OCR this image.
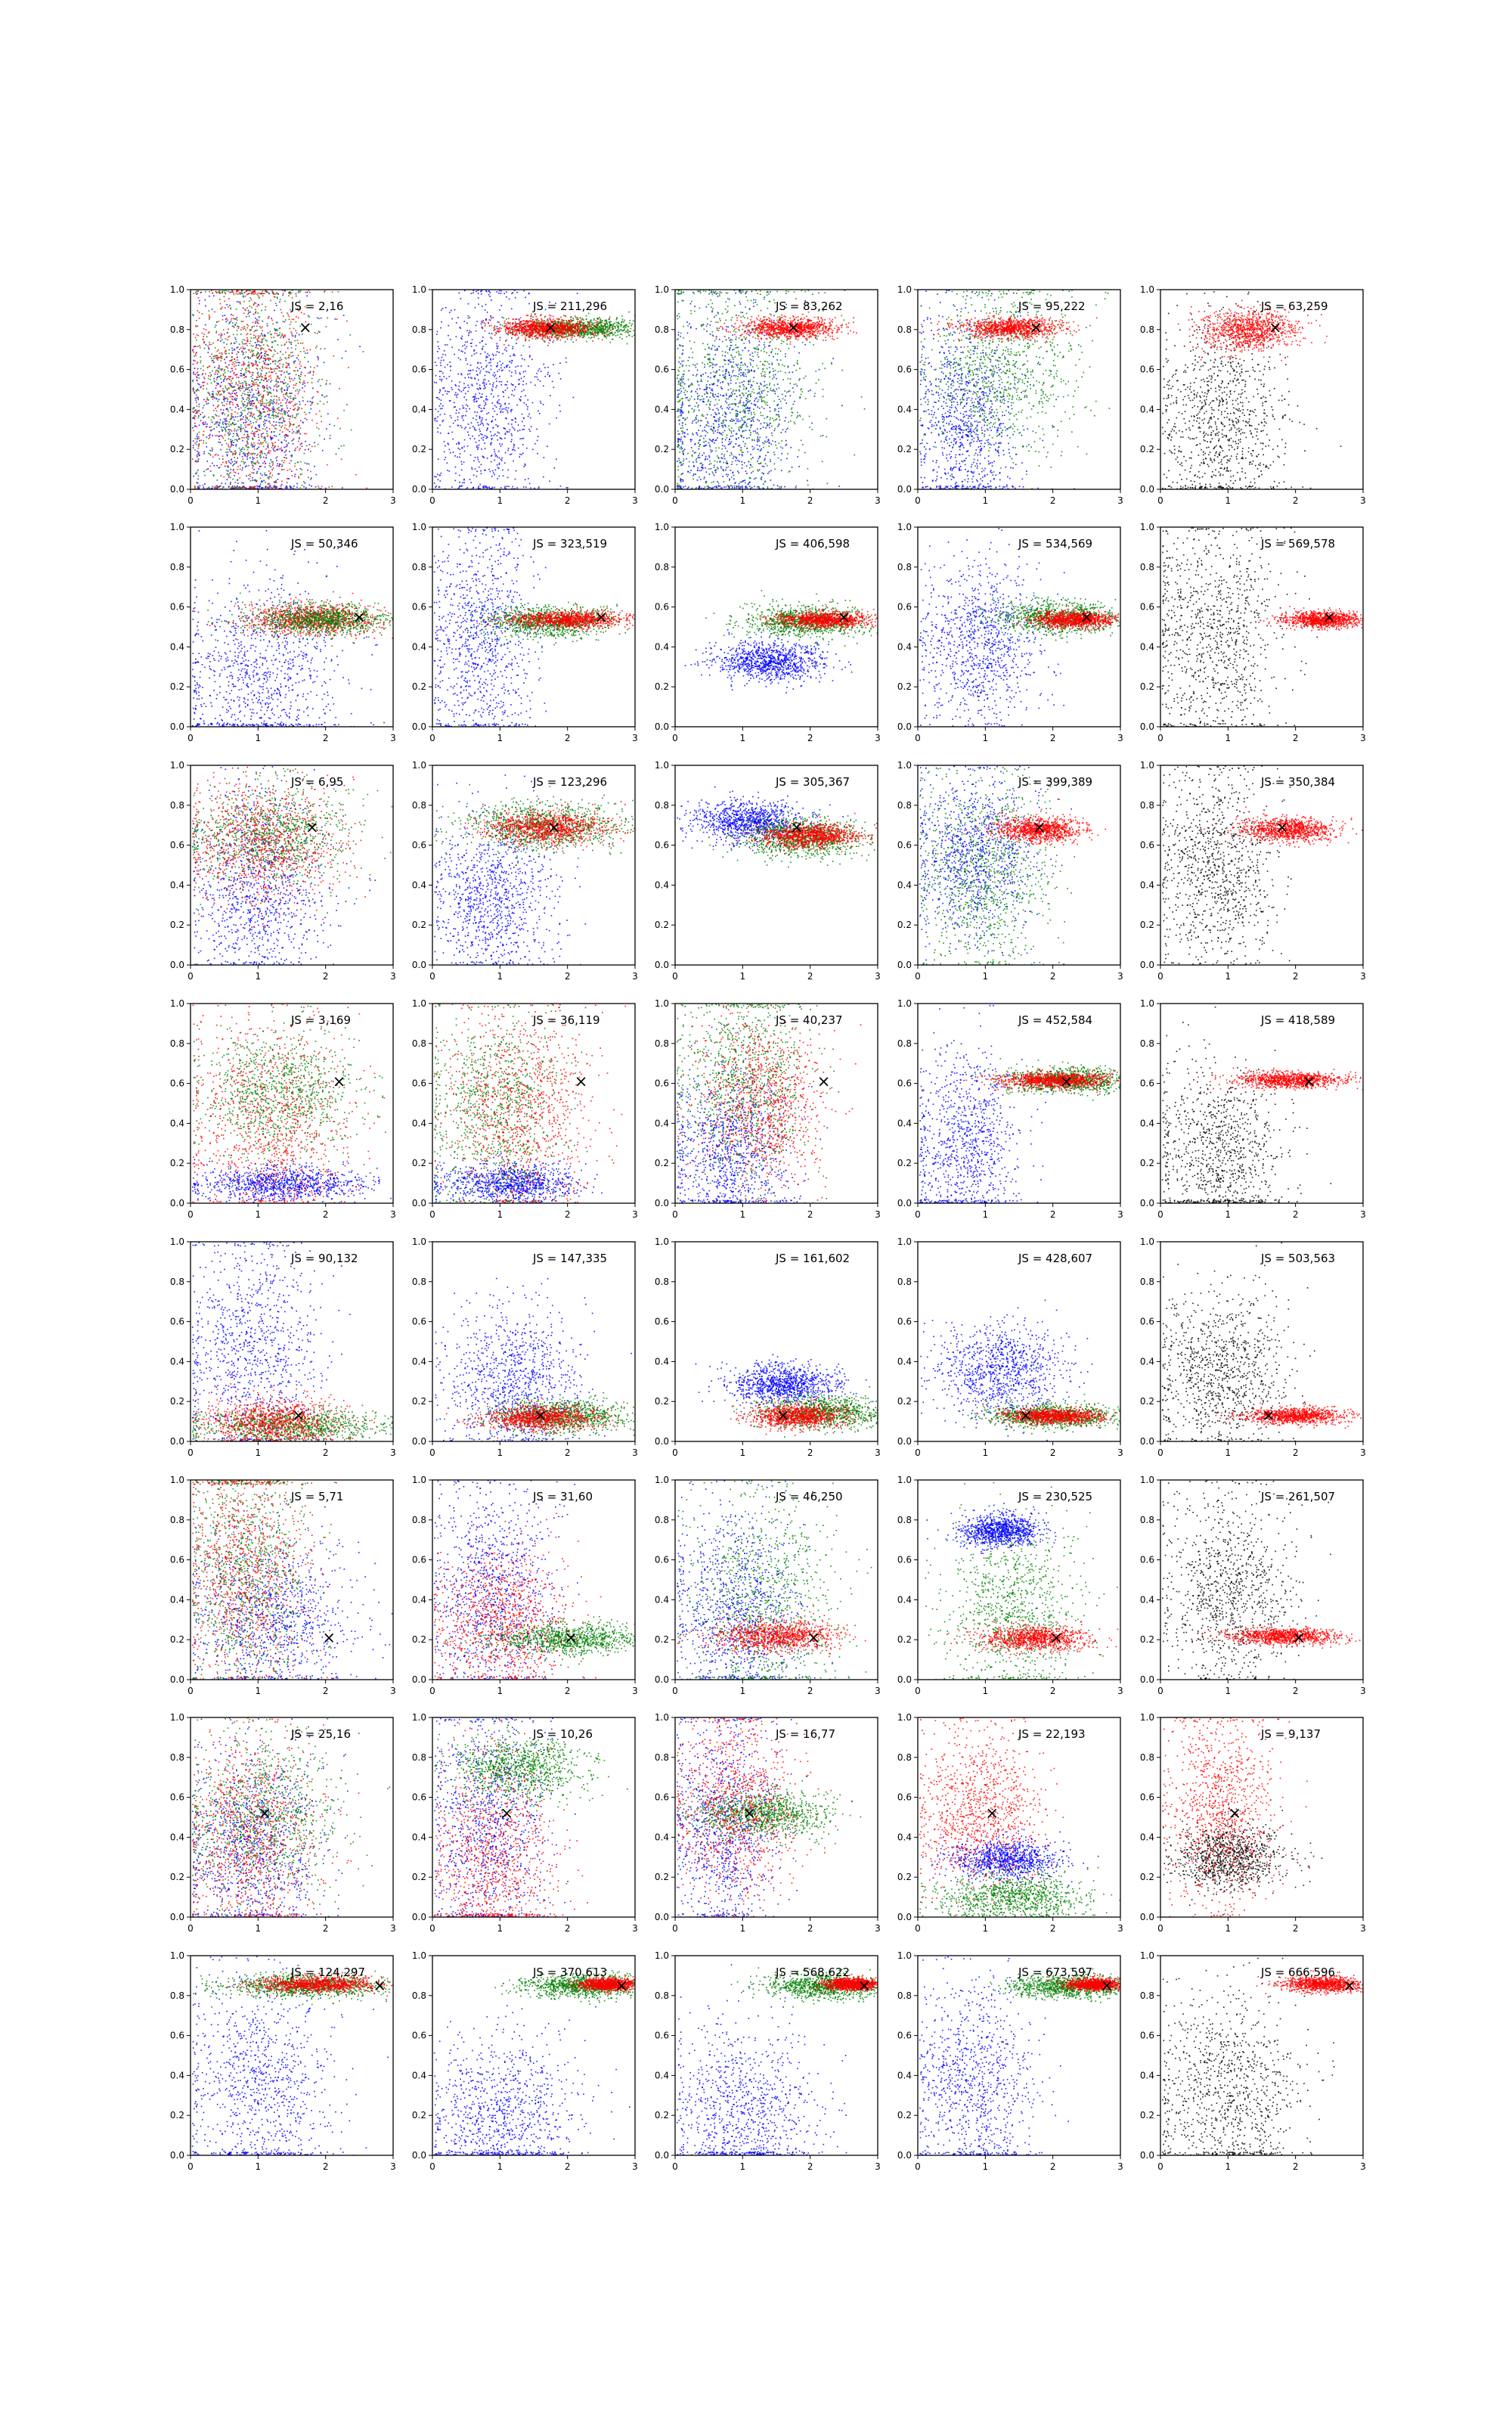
0	1	2	3
0.0
0.2
0.4
0.6
0.8
1.0
×
JS = 2,16
0	1	2	3
0.0
0.2
0.4
0.6
0.8
1.0
×
JS = 211,296
0	1	2	3
0.0
0.2
0.4
0.6
0.8
1.0
×
JS = 83,262
0	1	2	3
0.0
0.2
0.4
0.6
0.8
1.0
×
JS = 95,222
0	1	2	3
0.0
0.2
0.4
0.6
0.8
1.0
×
JS = 63,259
0	1	2	3
0.0
0.2
0.4
0.6
0.8
1.0
×
JS = 50,346
0	1	2	3
0.0
0.2
0.4
0.6
0.8
1.0
×
JS = 323,519
0	1	2	3
0.0
0.2
0.4
0.6
0.8
1.0
×
JS = 406,598
0	1	2	3
0.0
0.2
0.4
0.6
0.8
1.0
×
JS = 534,569
0	1	2	3
0.0
0.2
0.4
0.6
0.8
1.0
×
JS = 569,578
0	1	2	3
0.0
0.2
0.4
0.6
0.8
1.0
×
JS = 6,95
0	1	2	3
0.0
0.2
0.4
0.6
0.8
1.0
×
JS = 123,296
0	1	2	3
0.0
0.2
0.4
0.6
0.8
1.0
×
JS = 305,367
0	1	2	3
0.0
0.2
0.4
0.6
0.8
1.0
×
JS = 399,389
0	1	2	3
0.0
0.2
0.4
0.6
0.8
1.0
×
JS = 350,384
0	1	2	3
0.0
0.2
0.4
0.6
0.8
1.0
×
JS = 3,169
0	1	2	3
0.0
0.2
0.4
0.6
0.8
1.0
×
JS = 36,119
0	1	2	3
0.0
0.2
0.4
0.6
0.8
1.0
×
JS = 40,237
0	1	2	3
0.0
0.2
0.4
0.6
0.8
1.0
×
JS = 452,584
0	1	2	3
0.0
0.2
0.4
0.6
0.8
1.0
×
JS = 418,589
0	1	2	3
0.0
0.2
0.4
0.6
0.8
1.0
×
JS = 90,132
0	1	2	3
0.0
0.2
0.4
0.6
0.8
1.0
×
JS = 147,335
0	1	2	3
0.0
0.2
0.4
0.6
0.8
1.0
×
JS = 161,602
0	1	2	3
0.0
0.2
0.4
0.6
0.8
1.0
×
JS = 428,607
0	1	2	3
0.0
0.2
0.4
0.6
0.8
1.0
×
JS = 503,563
0	1	2	3
0.0
0.2
0.4
0.6
0.8
1.0
×
JS = 5,71
0	1	2	3
0.0
0.2
0.4
0.6
0.8
1.0
×
JS = 31,60
0	1	2	3
0.0
0.2
0.4
0.6
0.8
1.0
×
JS = 46,250
0	1	2	3
0.0
0.2
0.4
0.6
0.8
1.0
×
JS = 230,525
0	1	2	3
0.0
0.2
0.4
0.6
0.8
1.0
×
JS = 261,507
0	1	2	3
0.0
0.2
0.4
0.6
0.8
1.0
×
JS = 25,16
0	1	2	3
0.0
0.2
0.4
0.6
0.8
1.0
×
JS = 10,26
0	1	2	3
0.0
0.2
0.4
0.6
0.8
1.0
×
JS = 16,77
0	1	2	3
0.0
0.2
0.4
0.6
0.8
1.0
×
JS = 22,193
0	1	2	3
0.0
0.2
0.4
0.6
0.8
1.0
×
JS = 9,137
0	1	2	3
0.0
0.2
0.4
0.6
0.8
1.0
×
JS = 124,297
0	1	2	3
0.0
0.2
0.4
0.6
0.8
1.0
×
JS = 370,613
0	1	2	3
0.0
0.2
0.4
0.6
0.8
1.0
×
JS = 568,622
0	1	2	3
0.0
0.2
0.4
0.6
0.8
1.0
×
JS = 673,597
0	1	2	3
0.0
0.2
0.4
0.6
0.8
1.0
×
JS = 666,596
